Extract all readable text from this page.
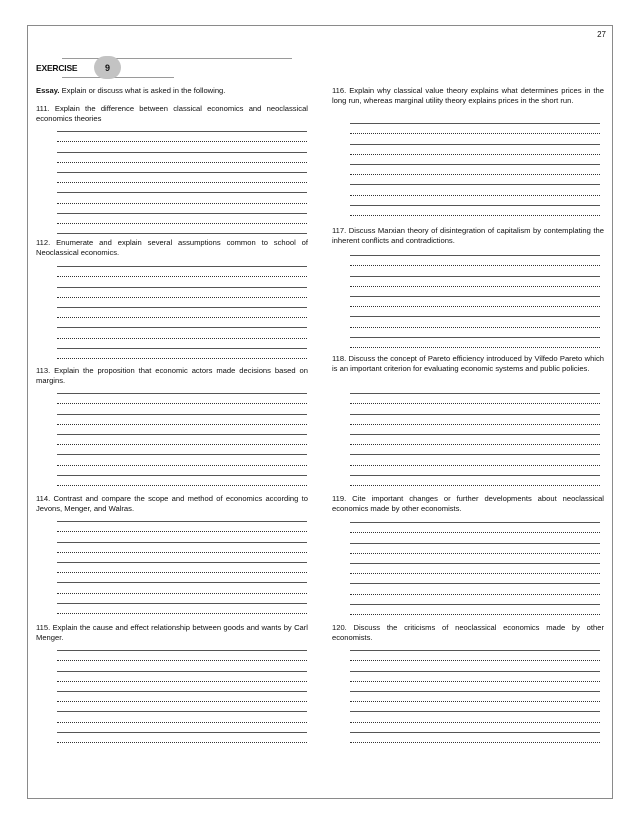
27
EXERCISE	9
Essay. Explain or discuss what is asked in the following.
111. Explain the difference between classical economics and neoclassical economics theories
112. Enumerate and explain several assumptions common to school of Neoclassical economics.
113. Explain the proposition that economic actors made decisions based on margins.
114. Contrast and compare the scope and method of economics according to Jevons, Menger, and Walras.
115. Explain the cause and effect relationship between goods and wants by Carl Menger.
116. Explain why classical value theory explains what determines prices in the long run, whereas marginal utility theory explains prices in the short run.
117. Discuss Marxian theory of disintegration of capitalism by contemplating the inherent conflicts and contradictions.
118. Discuss the concept of Pareto efficiency introduced by Vilfedo Pareto which is an important criterion for evaluating economic systems and public policies.
119. Cite important changes or further developments about neoclassical economics made by other economists.
120. Discuss the criticisms of neoclassical economics made by other economists.
